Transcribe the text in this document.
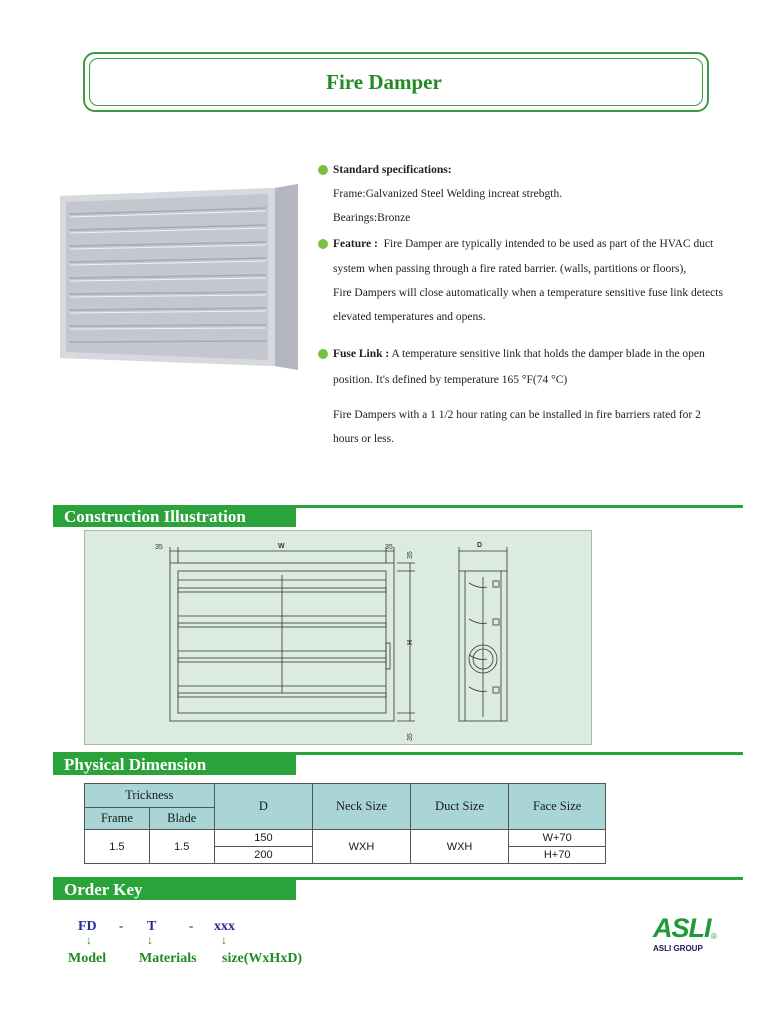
Fire Damper
Standard specifications:
Frame:Galvanized Steel Welding increat strebgth.
Bearings:Bronze
Feature : Fire Damper are typically intended to be used as part of the HVAC duct
system when passing through a fire rated barrier. (walls, partitions or floors),
Fire Dampers will close automatically when a temperature sensitive fuse link detects
elevated temperatures and opens.
Fuse Link : A temperature sensitive link that holds the damper blade in the open
position. It's defined by temperature 165 °F(74 °C)
Fire Dampers with a 1 1/2 hour rating can be installed in fire barriers rated for 2
hours or less.
Construction Illustration
35	W	35
35
H
35
D
Physical Dimension
Trickness		D	Neck Size	Duct Size	Face Size
Frame	Blade				
1.5	1.5	150	WXH	WXH	W+70
		200			H+70
Order Key
FD - T	- xxx
↓	↓	↓
Model Materials size(WxHxD)
ASLI ®
ASLI GROUP
